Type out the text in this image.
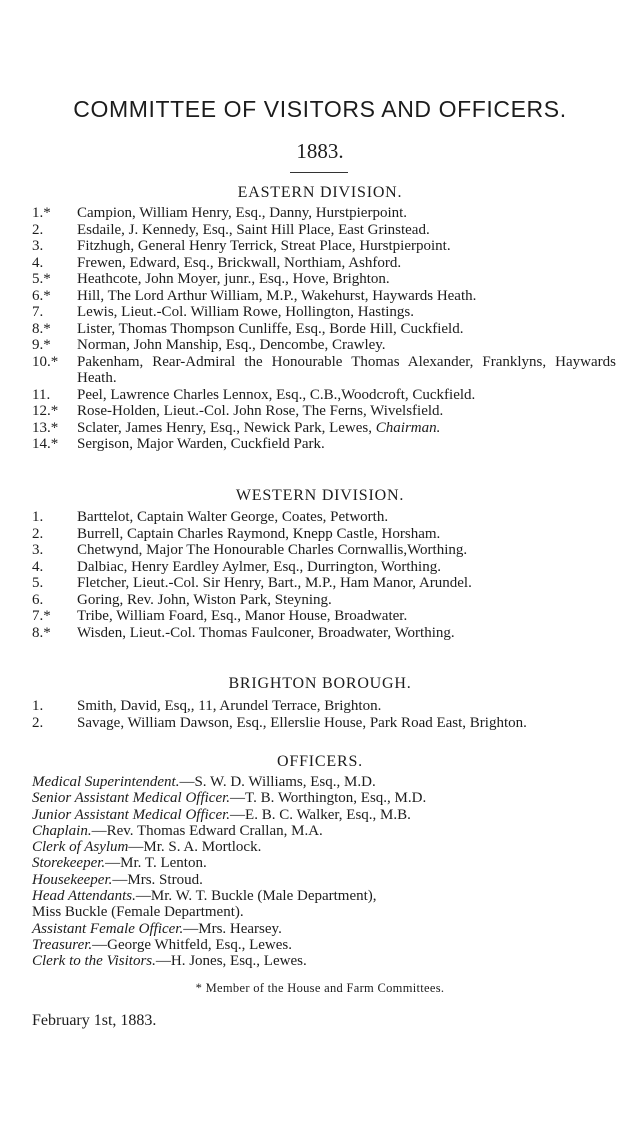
COMMITTEE OF VISITORS AND OFFICERS.
1883.
EASTERN DIVISION.
1.*	Campion, William Henry, Esq., Danny, Hurstpierpoint.
2.	Esdaile, J. Kennedy, Esq., Saint Hill Place, East Grinstead.
3.	Fitzhugh, General Henry Terrick, Streat Place, Hurstpierpoint.
4.	Frewen, Edward, Esq., Brickwall, Northiam, Ashford.
5.*	Heathcote, John Moyer, junr., Esq., Hove, Brighton.
6.*	Hill, The Lord Arthur William, M.P., Wakehurst, Haywards Heath.
7.	Lewis, Lieut.-Col. William Rowe, Hollington, Hastings.
8.*	Lister, Thomas Thompson Cunliffe, Esq., Borde Hill, Cuckfield.
9.*	Norman, John Manship, Esq., Dencombe, Crawley.
10.*	Pakenham, Rear-Admiral the Honourable Thomas Alexander, Franklyns, Haywards Heath.
11.	Peel, Lawrence Charles Lennox, Esq., C.B.,Woodcroft, Cuckfield.
12.*	Rose-Holden, Lieut.-Col. John Rose, The Ferns, Wivelsfield.
13.*	Sclater, James Henry, Esq., Newick Park, Lewes, Chairman.
14.*	Sergison, Major Warden, Cuckfield Park.
WESTERN DIVISION.
1.	Barttelot, Captain Walter George, Coates, Petworth.
2.	Burrell, Captain Charles Raymond, Knepp Castle, Horsham.
3.	Chetwynd, Major The Honourable Charles Cornwallis,Worthing.
4.	Dalbiac, Henry Eardley Aylmer, Esq., Durrington, Worthing.
5.	Fletcher, Lieut.-Col. Sir Henry, Bart., M.P., Ham Manor, Arundel.
6.	Goring, Rev. John, Wiston Park, Steyning.
7.*	Tribe, William Foard, Esq., Manor House, Broadwater.
8.*	Wisden, Lieut.-Col. Thomas Faulconer, Broadwater, Worthing.
BRIGHTON BOROUGH.
1.	Smith, David, Esq,, 11, Arundel Terrace, Brighton.
2.	Savage, William Dawson, Esq., Ellerslie House, Park Road East, Brighton.
OFFICERS.
Medical Superintendent.—S. W. D. Williams, Esq., M.D.
Senior Assistant Medical Officer.—T. B. Worthington, Esq., M.D.
Junior Assistant Medical Officer.—E. B. C. Walker, Esq., M.B.
Chaplain.—Rev. Thomas Edward Crallan, M.A.
Clerk of Asylum—Mr. S. A. Mortlock.
Storekeeper.—Mr. T. Lenton.
Housekeeper.—Mrs. Stroud.
Head Attendants.—Mr. W. T. Buckle (Male Department),
Miss Buckle (Female Department).
Assistant Female Officer.—Mrs. Hearsey.
Treasurer.—George Whitfeld, Esq., Lewes.
Clerk to the Visitors.—H. Jones, Esq., Lewes.
* Member of the House and Farm Committees.
February 1st, 1883.
